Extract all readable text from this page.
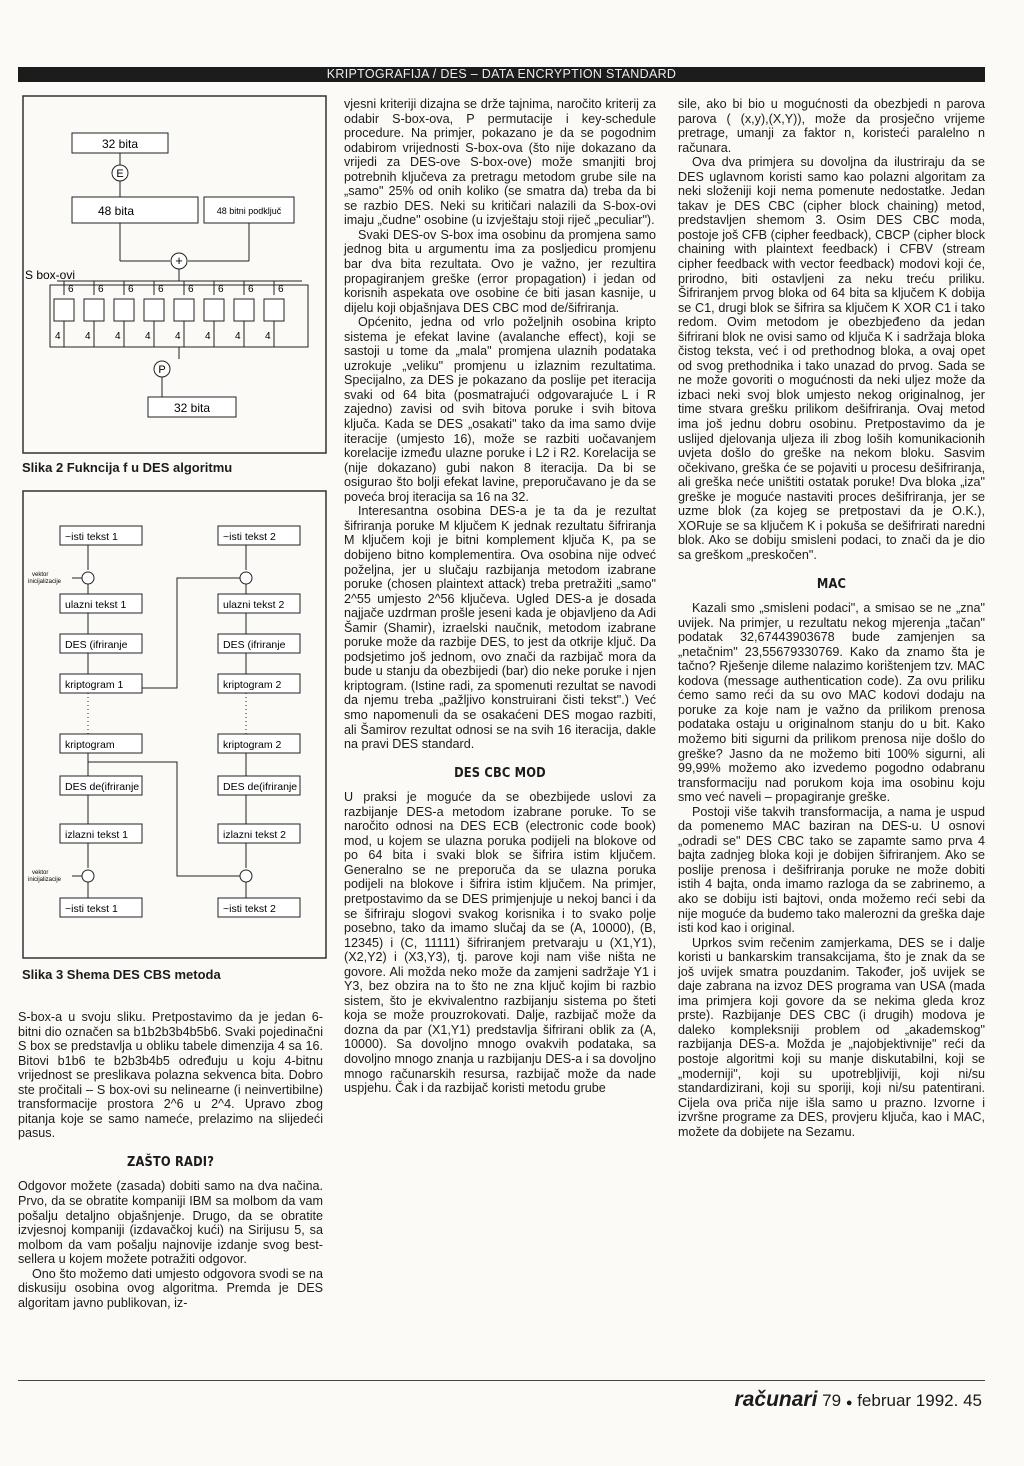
KRIPTOGRAFIJA / DES – DATA ENCRYPTION STANDARD
32 bita
E
48 bita	48 bitni podključ
+
S box-ovi
6
4
6
4
6
4
6
4
6
4
6
4
6
4
6
4
P
32 bita
Slika 2 Fukncija f u DES algoritmu
~isti tekst 1
ulazni tekst 1
DES (ifriranje
kriptogram 1
kriptogram
DES de(ifriranje
izlazni tekst 1
~isti tekst 1
~isti tekst 2
ulazni tekst 2
DES (ifriranje
kriptogram 2
kriptogram 2
DES de(ifriranje
izlazni tekst 2
~isti tekst 2
vektor
inicijalizacije
vektor
inicijalizacije
Slika 3 Shema DES CBS metoda

S-box-a u svoju sliku. Pretpostavimo da je jedan 6-bitni dio označen sa b1b2b3b4b5b6. Svaki pojedinačni S box se predstavlja u obliku tabele dimenzija 4 sa 16. Bitovi b1b6 te b2b3b4b5 određuju u koju 4-bitnu vrijednost se preslikava polazna sekvenca bita. Dobro ste pročitali – S box-ovi su nelinearne (i neinvertibilne) transformacije prostora 2^6 u 2^4. Upravo zbog pitanja koje se samo nameće, prelazimo na slijedeći pasus.

ZAŠTO RADI?

Odgovor možete (zasada) dobiti samo na dva načina. Prvo, da se obratite kompaniji IBM sa molbom da vam pošalju detaljno objašnjenje. Drugo, da se obratite izvjesnoj kompaniji (izdavačkoj kući) na Sirijusu 5, sa molbom da vam pošalju najnovije izdanje svog best-sellera u kojem možete potražiti odgovor.

Ono što možemo dati umjesto odgovora svodi se na diskusiju osobina ovog algoritma. Premda je DES algoritam javno publikovan, iz-

vjesni kriteriji dizajna se drže tajnima, naročito kriterij za odabir S-box-ova, P permutacije i key-schedule procedure. Na primjer, pokazano je da se pogodnim odabirom vrijednosti S-box-ova (što nije dokazano da vrijedi za DES-ove S-box-ove) može smanjiti broj potrebnih ključeva za pretragu metodom grube sile na „samo" 25% od onih koliko (se smatra da) treba da bi se razbio DES. Neki su kritičari nalazili da S-box-ovi imaju „čudne" osobine (u izvještaju stoji riječ „peculiar").

Svaki DES-ov S-box ima osobinu da promjena samo jednog bita u argumentu ima za posljedicu promjenu bar dva bita rezultata. Ovo je važno, jer rezultira propagiranjem greške (error propagation) i jedan od korisnih aspekata ove osobine će biti jasan kasnije, u dijelu koji objašnjava DES CBC mod de/šifriranja.

Općenito, jedna od vrlo poželjnih osobina kripto sistema je efekat lavine (avalanche effect), koji se sastoji u tome da „mala" promjena ulaznih podataka uzrokuje „veliku" promjenu u izlaznim rezultatima. Specijalno, za DES je pokazano da poslije pet iteracija svaki od 64 bita (posmatrajući odgovarajuće L i R zajedno) zavisi od svih bitova poruke i svih bitova ključa. Kada se DES „osakati" tako da ima samo dvije iteracije (umjesto 16), može se razbiti uočavanjem korelacije između ulazne poruke i L2 i R2. Korelacija se (nije dokazano) gubi nakon 8 iteracija. Da bi se osigurao što bolji efekat lavine, preporučavano je da se poveća broj iteracija sa 16 na 32.

Interesantna osobina DES-a je ta da je rezultat šifriranja poruke M ključem K jednak rezultatu šifriranja M ključem koji je bitni komplement ključa K, pa se dobijeno bitno komplementira. Ova osobina nije odveć poželjna, jer u slučaju razbijanja metodom izabrane poruke (chosen plaintext attack) treba pretražiti „samo" 2^55 umjesto 2^56 ključeva. Ugled DES-a je dosada najjače uzdrman prošle jeseni kada je objavljeno da Adi Šamir (Shamir), izraelski naučnik, metodom izabrane poruke može da razbije DES, to jest da otkrije ključ. Da podsjetimo još jednom, ovo znači da razbijač mora da bude u stanju da obezbijedi (bar) dio neke poruke i njen kriptogram. (Istine radi, za spomenuti rezultat se navodi da njemu treba „pažljivo konstruirani čisti tekst".) Već smo napomenuli da se osakaćeni DES mogao razbiti, ali Šamirov rezultat odnosi se na svih 16 iteracija, dakle na pravi DES standard.

DES CBC MOD

U praksi je moguće da se obezbijede uslovi za razbijanje DES-a metodom izabrane poruke. To se naročito odnosi na DES ECB (electronic code book) mod, u kojem se ulazna poruka podijeli na blokove od po 64 bita i svaki blok se šifrira istim ključem. Generalno se ne preporuča da se ulazna poruka podijeli na blokove i šifrira istim ključem. Na primjer, pretpostavimo da se DES primjenjuje u nekoj banci i da se šifriraju slogovi svakog korisnika i to svako polje posebno, tako da imamo slučaj da se (A, 10000), (B, 12345) i (C, 11111) šifriranjem pretvaraju u (X1,Y1), (X2,Y2) i (X3,Y3), tj. parove koji nam više ništa ne govore. Ali možda neko može da zamjeni sadržaje Y1 i Y3, bez obzira na to što ne zna ključ kojim bi razbio sistem, što je ekvivalentno razbijanju sistema po šteti koja se može prouzrokovati. Dalje, razbijač može da dozna da par (X1,Y1) predstavlja šifrirani oblik za (A, 10000). Sa dovoljno mnogo ovakvih podataka, sa dovoljno mnogo znanja u razbijanju DES-a i sa dovoljno mnogo računarskih resursa, razbijač može da nade uspjehu. Čak i da razbijač koristi metodu grube

sile, ako bi bio u mogućnosti da obezbjedi n parova parova ( (x,y),(X,Y)), može da prosječno vrijeme pretrage, umanji za faktor n, koristeći paralelno n računara.

Ova dva primjera su dovoljna da ilustriraju da se DES uglavnom koristi samo kao polazni algoritam za neki složeniji koji nema pomenute nedostatke. Jedan takav je DES CBC (cipher block chaining) metod, predstavljen shemom 3. Osim DES CBC moda, postoje još CFB (cipher feedback), CBCP (cipher block chaining with plaintext feedback) i CFBV (stream cipher feedback with vector feedback) modovi koji će, prirodno, biti ostavljeni za neku treću priliku. Šifriranjem prvog bloka od 64 bita sa ključem K dobija se C1, drugi blok se šifrira sa ključem K XOR C1 i tako redom. Ovim metodom je obezbjeđeno da jedan šifrirani blok ne ovisi samo od ključa K i sadržaja bloka čistog teksta, već i od prethodnog bloka, a ovaj opet od svog prethodnika i tako unazad do prvog. Sada se ne može govoriti o mogućnosti da neki uljez može da izbaci neki svoj blok umjesto nekog originalnog, jer time stvara grešku prilikom dešifriranja. Ovaj metod ima još jednu dobru osobinu. Pretpostavimo da je uslijed djelovanja uljeza ili zbog loših komunikacionih uvjeta došlo do greške na nekom bloku. Sasvim očekivano, greška će se pojaviti u procesu dešifriranja, ali greška neće uništiti ostatak poruke! Dva bloka „iza" greške je moguće nastaviti proces dešifriranja, jer se uzme blok (za kojeg se pretpostavi da je O.K.), XORuje se sa ključem K i pokuša se dešifrirati naredni blok. Ako se dobiju smisleni podaci, to znači da je dio sa greškom „preskočen".

MAC

Kazali smo „smisleni podaci", a smisao se ne „zna" uvijek. Na primjer, u rezultatu nekog mjerenja „tačan" podatak 32,67443903678 bude zamjenjen sa „netačnim" 23,55679330769. Kako da znamo šta je tačno? Rješenje dileme nalazimo korištenjem tzv. MAC kodova (message authentication code). Za ovu priliku ćemo samo reći da su ovo MAC kodovi dodaju na poruke za koje nam je važno da prilikom prenosa podataka ostaju u originalnom stanju do u bit. Kako možemo biti sigurni da prilikom prenosa nije došlo do greške? Jasno da ne možemo biti 100% sigurni, ali 99,99% možemo ako izvedemo pogodno odabranu transformaciju nad porukom koja ima osobinu koju smo već naveli – propagiranje greške.

Postoji više takvih transformacija, a nama je uspud da pomenemo MAC baziran na DES-u. U osnovi „odradi se" DES CBC tako se zapamte samo prva 4 bajta zadnjeg bloka koji je dobijen šifriranjem. Ako se poslije prenosa i dešifriranja poruke ne može dobiti istih 4 bajta, onda imamo razloga da se zabrinemo, a ako se dobiju isti bajtovi, onda možemo reći sebi da nije moguće da budemo tako malerozni da greška daje isti kod kao i original.

Uprkos svim rečenim zamjerkama, DES se i dalje koristi u bankarskim transakcijama, što je znak da se još uvijek smatra pouzdanim. Također, još uvijek se daje zabrana na izvoz DES programa van USA (mada ima primjera koji govore da se nekima gleda kroz prste). Razbijanje DES CBC (i drugih) modova je daleko kompleksniji problem od „akademskog" razbijanja DES-a. Možda je „najobjektivnije" reći da postoje algoritmi koji su manje diskutabilni, koji se „moderniji", koji su upotrebljiviji, koji ni/su standardizirani, koji su sporiji, koji ni/su patentirani. Cijela ova priča nije išla samo u prazno. Izvorne i izvršne programe za DES, provjeru ključa, kao i MAC, možete da dobijete na Sezamu.

računari 79 ● februar 1992. 45
